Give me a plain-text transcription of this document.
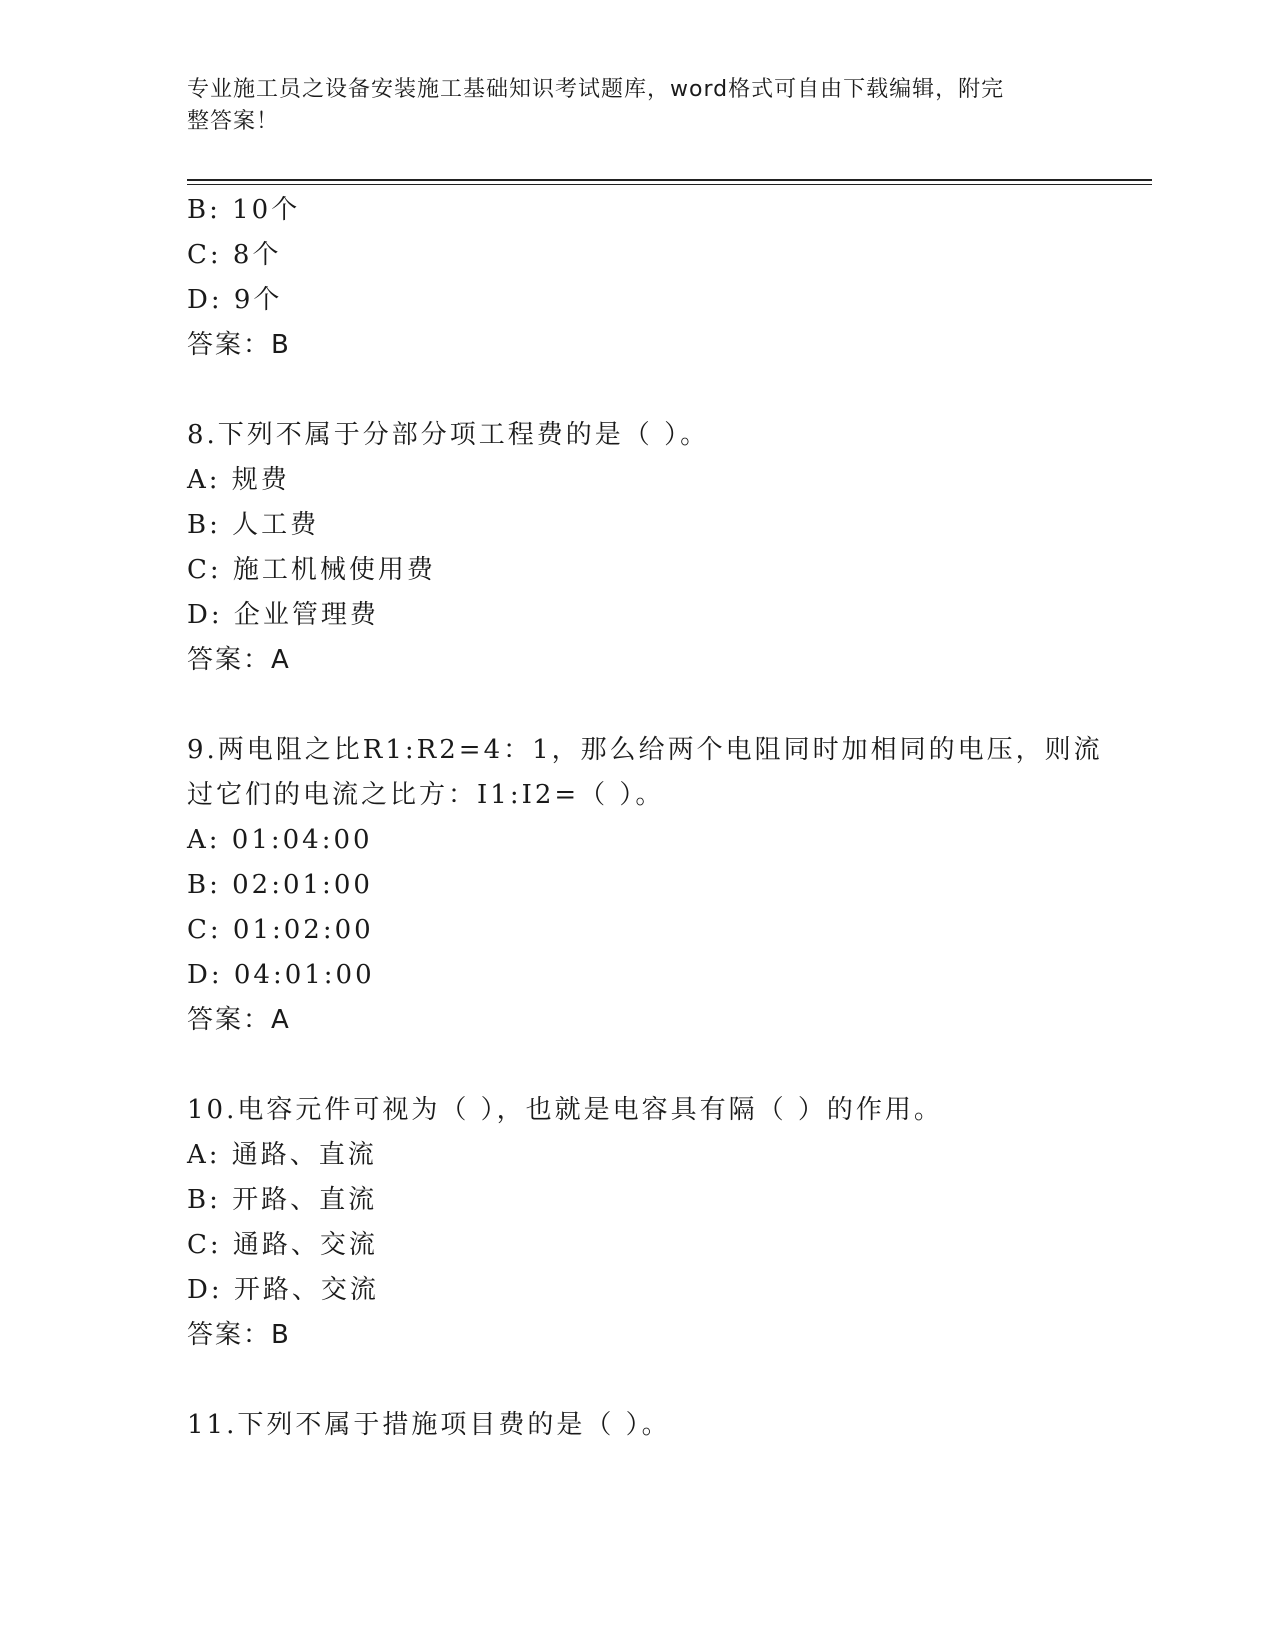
专业施工员之设备安装施工基础知识考试题库，word格式可自由下载编辑，附完
整答案！
B: 10个
C: 8个
D: 9个
答案：B
8.下列不属于分部分项工程费的是（ ）。
A: 规费
B: 人工费
C: 施工机械使用费
D: 企业管理费
答案：A
9.两电阻之比R1:R2=4：1，那么给两个电阻同时加相同的电压，则流
过它们的电流之比方：I1:I2=（ ）。
A: 01:04:00
B: 02:01:00
C: 01:02:00
D: 04:01:00
答案：A
10.电容元件可视为（ ），也就是电容具有隔（ ）的作用。
A: 通路、直流
B: 开路、直流
C: 通路、交流
D: 开路、交流
答案：B
11.下列不属于措施项目费的是（ ）。
